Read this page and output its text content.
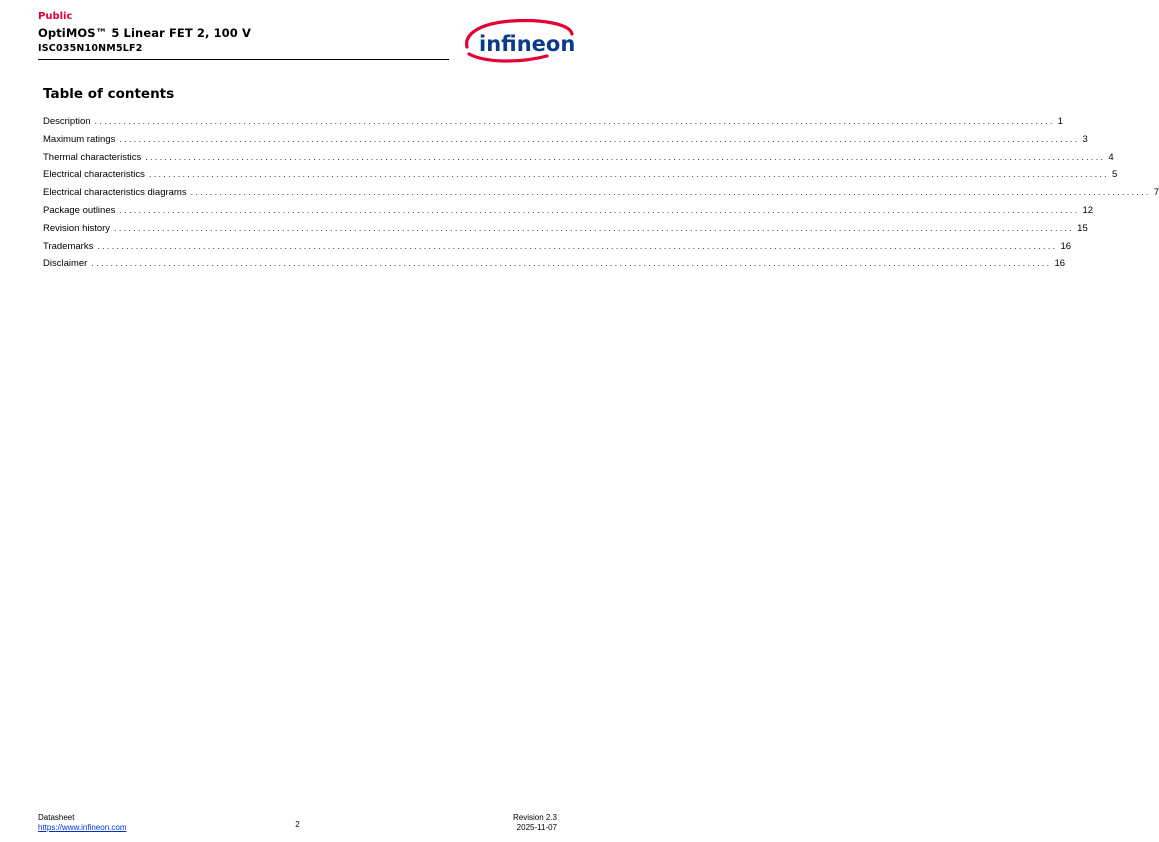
Public
OptiMOS™ 5 Linear FET 2, 100 V
ISC035N10NM5LF2	infineon
Table of contents
Description ........................................................................................................................................................................................................ 1
Maximum ratings ........................................................................................................................................................................................................ 3
Thermal characteristics ........................................................................................................................................................................................................ 4
Electrical characteristics ........................................................................................................................................................................................................ 5
Electrical characteristics diagrams ........................................................................................................................................................................................................ 7
Package outlines ........................................................................................................................................................................................................ 12
Revision history ........................................................................................................................................................................................................ 15
Trademarks ........................................................................................................................................................................................................ 16
Disclaimer ........................................................................................................................................................................................................ 16
Datasheet
https://www.infineon.com	2
Revision 2.3
2025-11-07
